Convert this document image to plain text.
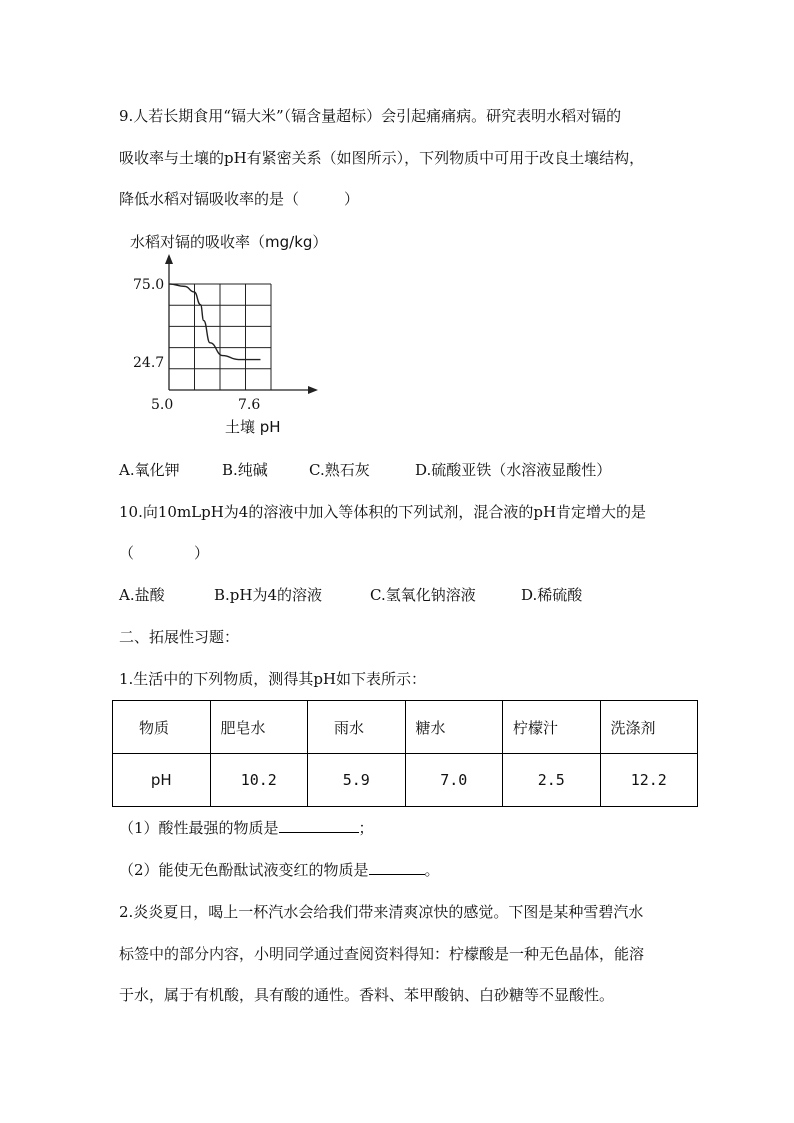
9.人若长期食用“镉大米”（镉含量超标）会引起痛痛病。研究表明水稻对镉的
吸收率与土壤的pH有紧密关系（如图所示），下列物质中可用于改良土壤结构，
降低水稻对镉吸收率的是（　　　）
水稻对镉的吸收率（mg/kg）
75.0
24.7
5.0	7.6
土壤 pH
A.氧化钾	B.纯碱	C.熟石灰	D.硫酸亚铁（水溶液显酸性）
10.向10mLpH为4的溶液中加入等体积的下列试剂，混合液的pH肯定增大的是
（　　　　）
A.盐酸	B.pH为4的溶液	C.氢氧化钠溶液	D.稀硫酸
二、拓展性习题：
1.生活中的下列物质，测得其pH如下表所示：
物质	肥皂水	雨水	糖水	柠檬汁	洗涤剂
pH	10.2	5.9	7.0	2.5	12.2
（1）酸性最强的物质是	；
（2）能使无色酚酞试液变红的物质是	。
2.炎炎夏日，喝上一杯汽水会给我们带来清爽凉快的感觉。下图是某种雪碧汽水
标签中的部分内容，小明同学通过查阅资料得知：柠檬酸是一种无色晶体，能溶
于水，属于有机酸，具有酸的通性。香料、苯甲酸钠、白砂糖等不显酸性。
